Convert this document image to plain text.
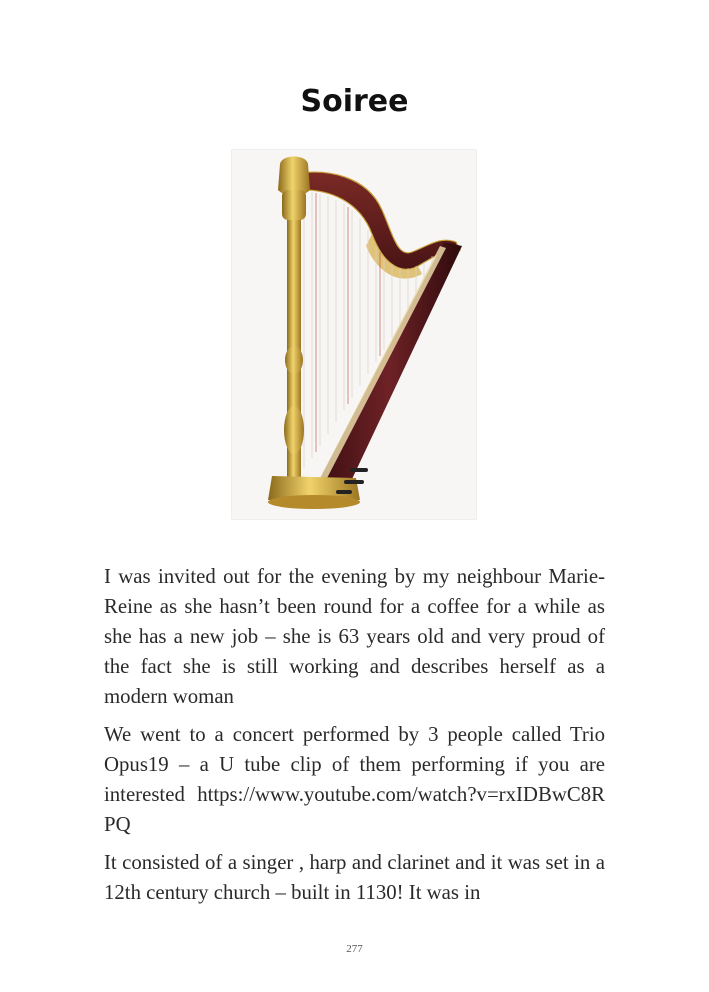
Soiree

I was invited out for the evening by my neighbour Marie-Reine as she hasn’t been round for a coffee for a while as she has a new job – she is 63 years old and very proud of the fact she is still working and describes herself as a modern woman

We went to a concert performed by 3 people called Trio Opus19 – a U tube clip of them performing if you are interested https://www.youtube.com/watch?v=rxIDBwC8RPQ

It consisted of a singer , harp and clarinet and it was set in a 12th century church – built in 1130! It was in

277
